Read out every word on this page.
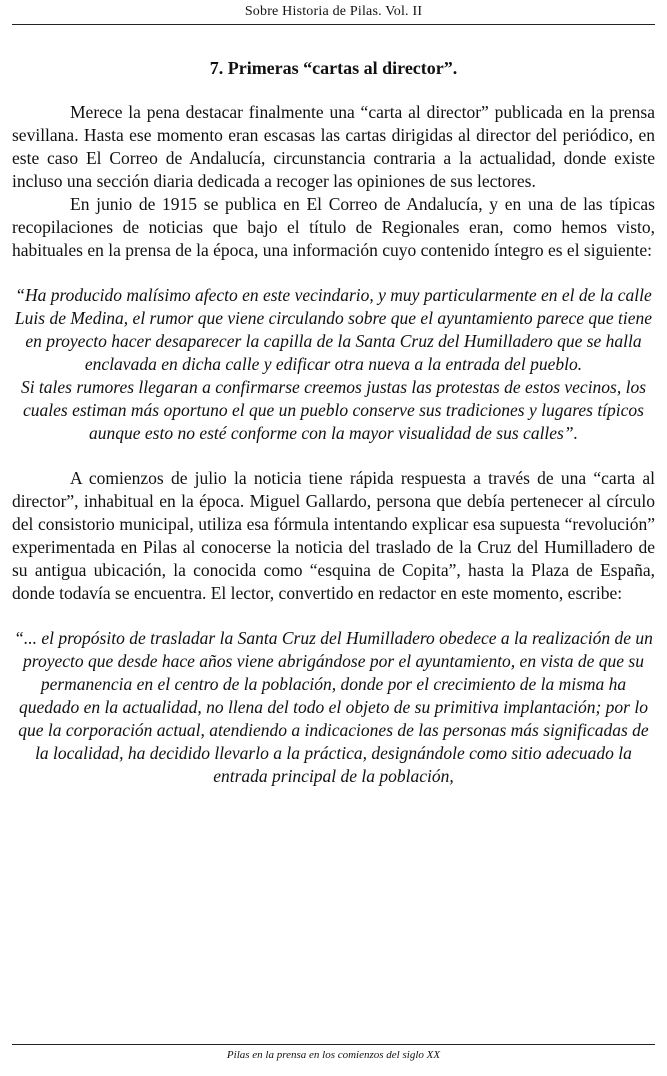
Sobre Historia de Pilas. Vol. II
7. Primeras “cartas al director”.

Merece la pena destacar finalmente una “carta al director” publicada en la prensa sevillana. Hasta ese momento eran escasas las cartas dirigidas al director del periódico, en este caso El Correo de Andalucía, circunstancia contraria a la actualidad, donde existe incluso una sección diaria dedicada a recoger las opiniones de sus lectores.

En junio de 1915 se publica en El Correo de Andalucía, y en una de las típicas recopilaciones de noticias que bajo el título de Regionales eran, como hemos visto, habituales en la prensa de la época, una información cuyo contenido íntegro es el siguiente:

“Ha producido malísimo afecto en este vecindario, y muy particularmente en el de la calle Luis de Medina, el rumor que viene circulando sobre que el ayuntamiento parece que tiene en proyecto hacer desaparecer la capilla de la Santa Cruz del Humilladero que se halla enclavada en dicha calle y edificar otra nueva a la entrada del pueblo.

Si tales rumores llegaran a confirmarse creemos justas las protestas de estos vecinos, los cuales estiman más oportuno el que un pueblo conserve sus tradiciones y lugares típicos aunque esto no esté conforme con la mayor visualidad de sus calles”.

A comienzos de julio la noticia tiene rápida respuesta a través de una “carta al director”, inhabitual en la época. Miguel Gallardo, persona que debía pertenecer al círculo del consistorio municipal, utiliza esa fórmula intentando explicar esa supuesta “revolución” experimentada en Pilas al conocerse la noticia del traslado de la Cruz del Humilladero de su antigua ubicación, la conocida como “esquina de Copita”, hasta la Plaza de España, donde todavía se encuentra. El lector, convertido en redactor en este momento, escribe:

“... el propósito de trasladar la Santa Cruz del Humilladero obedece a la realización de un proyecto que desde hace años viene abrigándose por el ayuntamiento, en vista de que su permanencia en el centro de la población, donde por el crecimiento de la misma ha quedado en la actualidad, no llena del todo el objeto de su primitiva implantación; por lo que la corporación actual, atendiendo a indicaciones de las personas más significadas de la localidad, ha decidido llevarlo a la práctica, designándole como sitio adecuado la entrada principal de la población,

Pilas en la prensa en los comienzos del siglo XX
